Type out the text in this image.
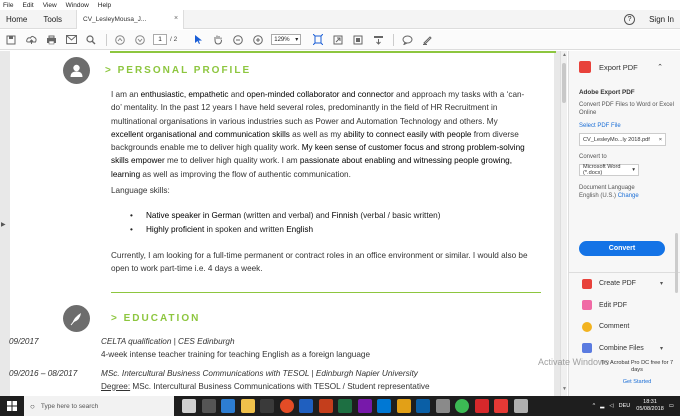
File Edit View Window Help
Home	Tools	CV_LesleyMousa_J...	×	?	Sign In
1	/ 2	129% ▾
> PERSONAL PROFILE
I am an enthusiastic, empathetic and open-minded collaborator and connector and approach my tasks with a ‘can-do’ mentality. In the past 12 years I have held several roles, predominantly in the field of HR Recruitment in multinational organisations in various industries such as Power and Automation Technology and others. My excellent organisational and communication skills as well as my ability to connect easily with people from diverse backgrounds enable me to deliver high quality work. My keen sense of customer focus and strong problem-solving skills empower me to deliver high quality work. I am passionate about enabling and witnessing people growing, learning as well as improving the flow of authentic communication.
Language skills:
• Native speaker in German (written and verbal) and Finnish (verbal / basic written)
• Highly proficient in spoken and written English
Currently, I am looking for a full-time permanent or contract roles in an office environment or similar. I would also be open to work part-time i.e. 4 days a week.
> EDUCATION
09/2017	CELTA qualification | CES Edinburgh
4-week intense teacher training for teaching English as a foreign language
09/2016 – 08/2017	MSc. Intercultural Business Communications with TESOL | Edinburgh Napier University
Degree: MSc. Intercultural Business Communications with TESOL / Student representative
▶
▲
▼
Export PDF	⌃
Adobe Export PDF
Convert PDF Files to Word or Excel Online
Select PDF File
CV_LesleyMo...ly 2018.pdf ×
Convert to
Microsoft Word (*.docx)	▾
Document Language
English (U.S.) Change
Convert
Create PDF	▾
Edit PDF
Comment
Combine Files	▾
Try Acrobat Pro DC free for 7 days
Get Started
Activate Windows
○ Type here to search	^ ▂ ◁ DEU
18:31
05/08/2018 ▭
